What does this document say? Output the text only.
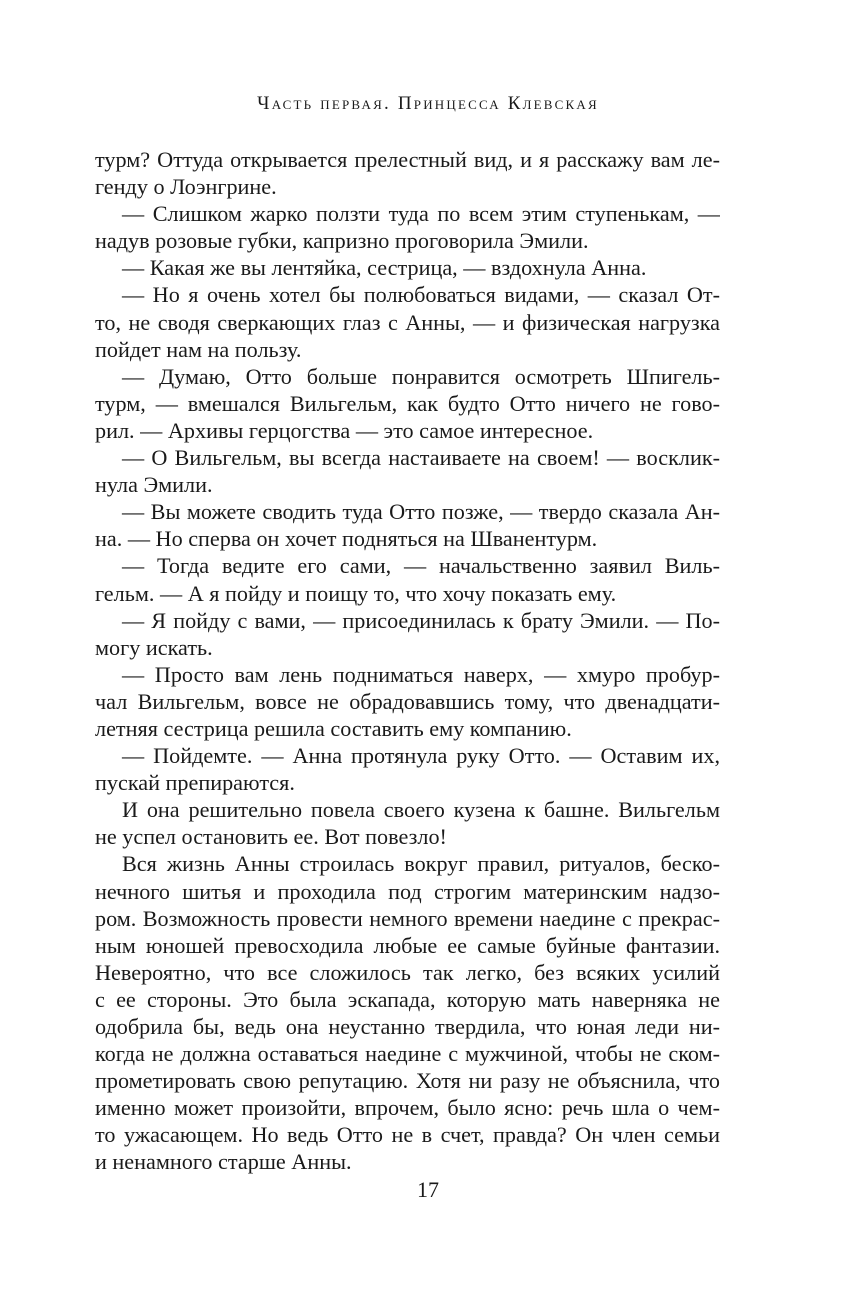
Часть первая. Принцесса Клевская
турм? Оттуда открывается прелестный вид, и я расскажу вам ле-
генду о Лоэнгрине.
— Слишком жарко ползти туда по всем этим ступенькам, —
надув розовые губки, капризно проговорила Эмили.
— Какая же вы лентяйка, сестрица, — вздохнула Анна.
— Но я очень хотел бы полюбоваться видами, — сказал От-
то, не сводя сверкающих глаз с Анны, — и физическая нагрузка
пойдет нам на пользу.
— Думаю, Отто больше понравится осмотреть Шпигель-
турм, — вмешался Вильгельм, как будто Отто ничего не гово-
рил. — Архивы герцогства — это самое интересное.
— О Вильгельм, вы всегда настаиваете на своем! — восклик-
нула Эмили.
— Вы можете сводить туда Отто позже, — твердо сказала Ан-
на. — Но сперва он хочет подняться на Шванентурм.
— Тогда ведите его сами, — начальственно заявил Виль-
гельм. — А я пойду и поищу то, что хочу показать ему.
— Я пойду с вами, — присоединилась к брату Эмили. — По-
могу искать.
— Просто вам лень подниматься наверх, — хмуро пробур-
чал Вильгельм, вовсе не обрадовавшись тому, что двенадцати-
летняя сестрица решила составить ему компанию.
— Пойдемте. — Анна протянула руку Отто. — Оставим их,
пускай препираются.
И она решительно повела своего кузена к башне. Вильгельм
не успел остановить ее. Вот повезло!
Вся жизнь Анны строилась вокруг правил, ритуалов, беско-
нечного шитья и проходила под строгим материнским надзо-
ром. Возможность провести немного времени наедине с прекрас-
ным юношей превосходила любые ее самые буйные фантазии.
Невероятно, что все сложилось так легко, без всяких усилий
с ее стороны. Это была эскапада, которую мать наверняка не
одобрила бы, ведь она неустанно твердила, что юная леди ни-
когда не должна оставаться наедине с мужчиной, чтобы не ском-
прометировать свою репутацию. Хотя ни разу не объяснила, что
именно может произойти, впрочем, было ясно: речь шла о чем-
то ужасающем. Но ведь Отто не в счет, правда? Он член семьи
и ненамного старше Анны.
17
